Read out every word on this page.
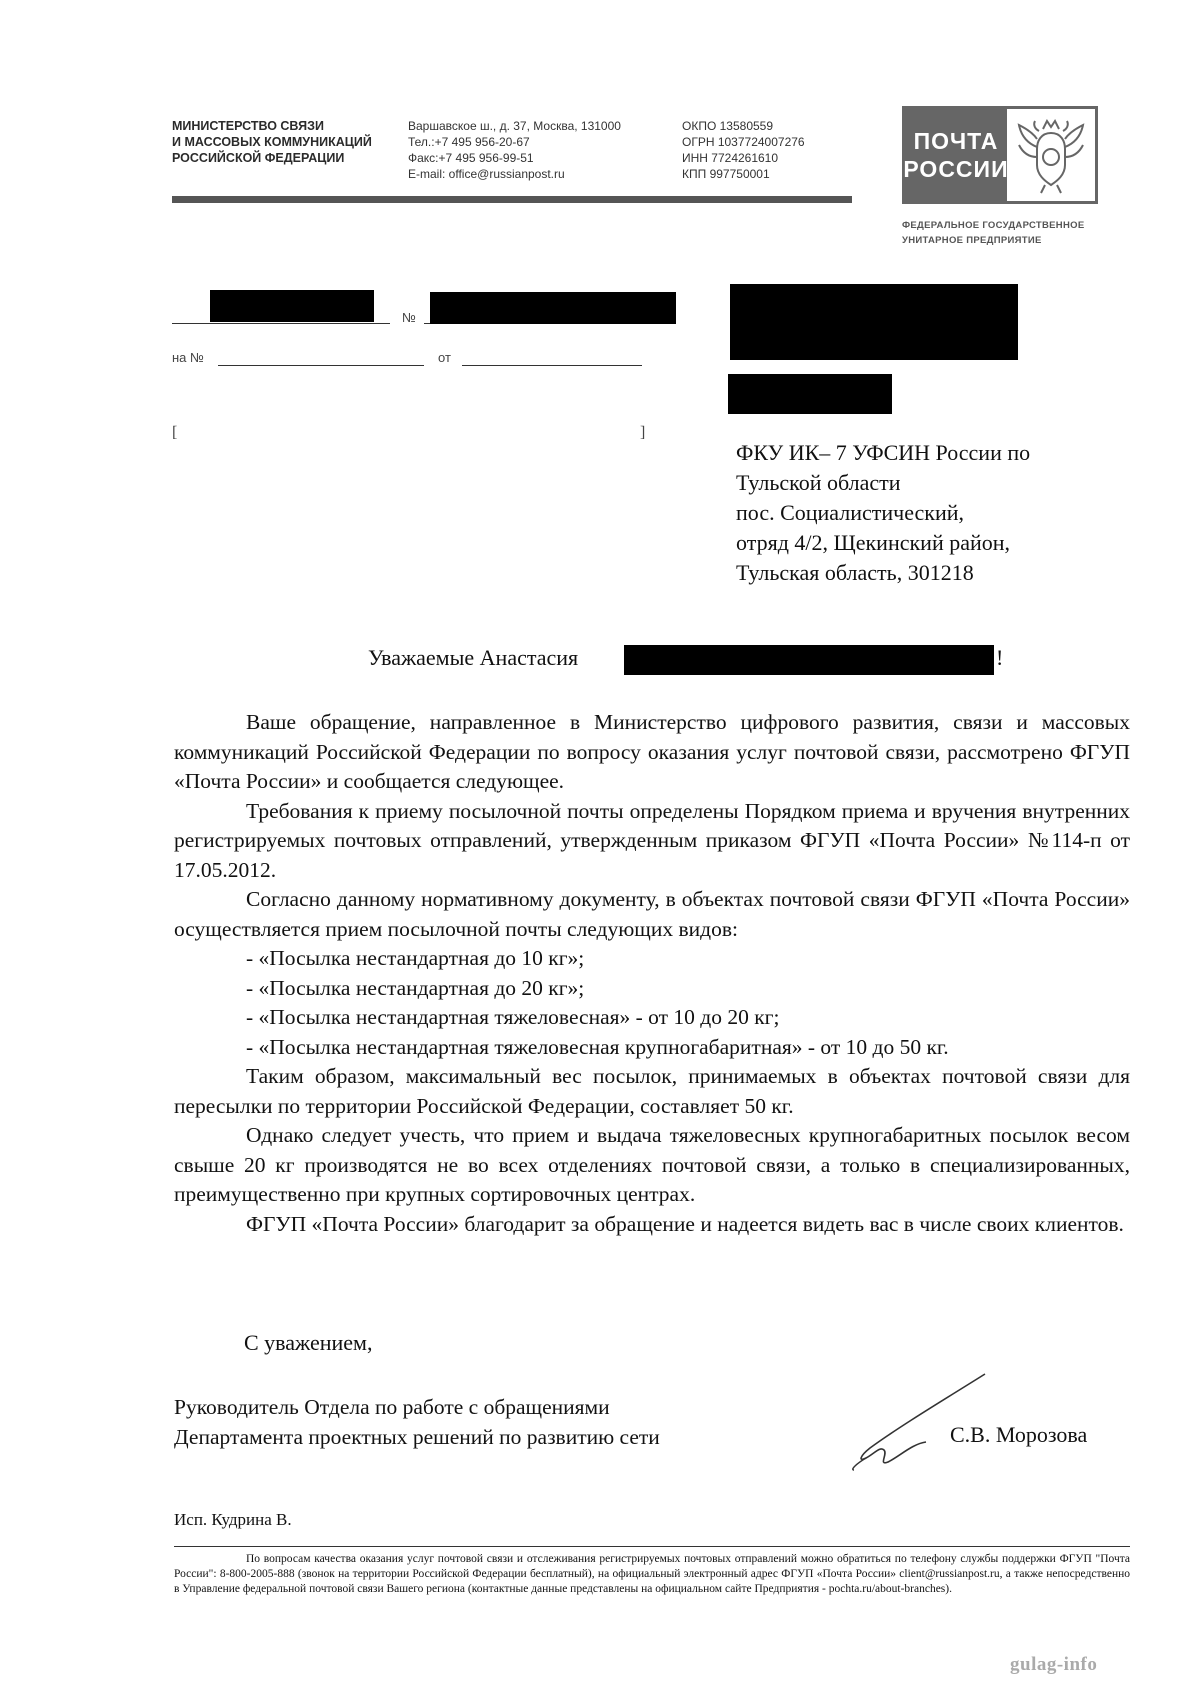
МИНИСТЕРСТВО СВЯЗИ
И МАССОВЫХ КОММУНИКАЦИЙ
РОССИЙСКОЙ ФЕДЕРАЦИИ
Варшавское ш., д. 37, Москва, 131000
Тел.:+7 495 956-20-67
Факс:+7 495 956-99-51
E-mail: office@russianpost.ru
ОКПО 13580559
ОГРН 1037724007276
ИНН 7724261610
КПП 997750001
ПОЧТА
РОССИИ
ФЕДЕРАЛЬНОЕ ГОСУДАРСТВЕННОЕ
УНИТАРНОЕ ПРЕДПРИЯТИЕ
№
на №	от
[	]
ФКУ ИК– 7 УФСИН России по
Тульской области
пос. Социалистический,
отряд 4/2, Щекинский район,
Тульская область, 301218
Уважаемые Анастасия	!

Ваше обращение, направленное в Министерство цифрового развития, связи и массовых коммуникаций Российской Федерации по вопросу оказания услуг почтовой связи, рассмотрено ФГУП «Почта России» и сообщается следующее.

Требования к приему посылочной почты определены Порядком приема и вручения внутренних регистрируемых почтовых отправлений, утвержденным приказом ФГУП «Почта России» №114-п от 17.05.2012.

Согласно данному нормативному документу, в объектах почтовой связи ФГУП «Почта России» осуществляется прием посылочной почты следующих видов:

- «Посылка нестандартная до 10 кг»;

- «Посылка нестандартная до 20 кг»;

- «Посылка нестандартная тяжеловесная» - от 10 до 20 кг;

- «Посылка нестандартная тяжеловесная крупногабаритная» - от 10 до 50 кг.

Таким образом, максимальный вес посылок, принимаемых в объектах почтовой связи для пересылки по территории Российской Федерации, составляет 50 кг.

Однако следует учесть, что прием и выдача тяжеловесных крупногабаритных посылок весом свыше 20 кг производятся не во всех отделениях почтовой связи, а только в специализированных, преимущественно при крупных сортировочных центрах.

ФГУП «Почта России» благодарит за обращение и надеется видеть вас в числе своих клиентов.

С уважением,
Руководитель Отдела по работе с обращениями
Департамента проектных решений по развитию сети	С.В. Морозова
Исп. Кудрина В.
По вопросам качества оказания услуг почтовой связи и отслеживания регистрируемых почтовых отправлений можно обратиться по телефону службы поддержки ФГУП "Почта России": 8-800-2005-888 (звонок на территории Российской Федерации бесплатный), на официальный электронный адрес ФГУП «Почта России» client@russianpost.ru, а также непосредственно в Управление федеральной почтовой связи Вашего региона (контактные данные представлены на официальном сайте Предприятия - pochta.ru/about-branches).
gulag-info
